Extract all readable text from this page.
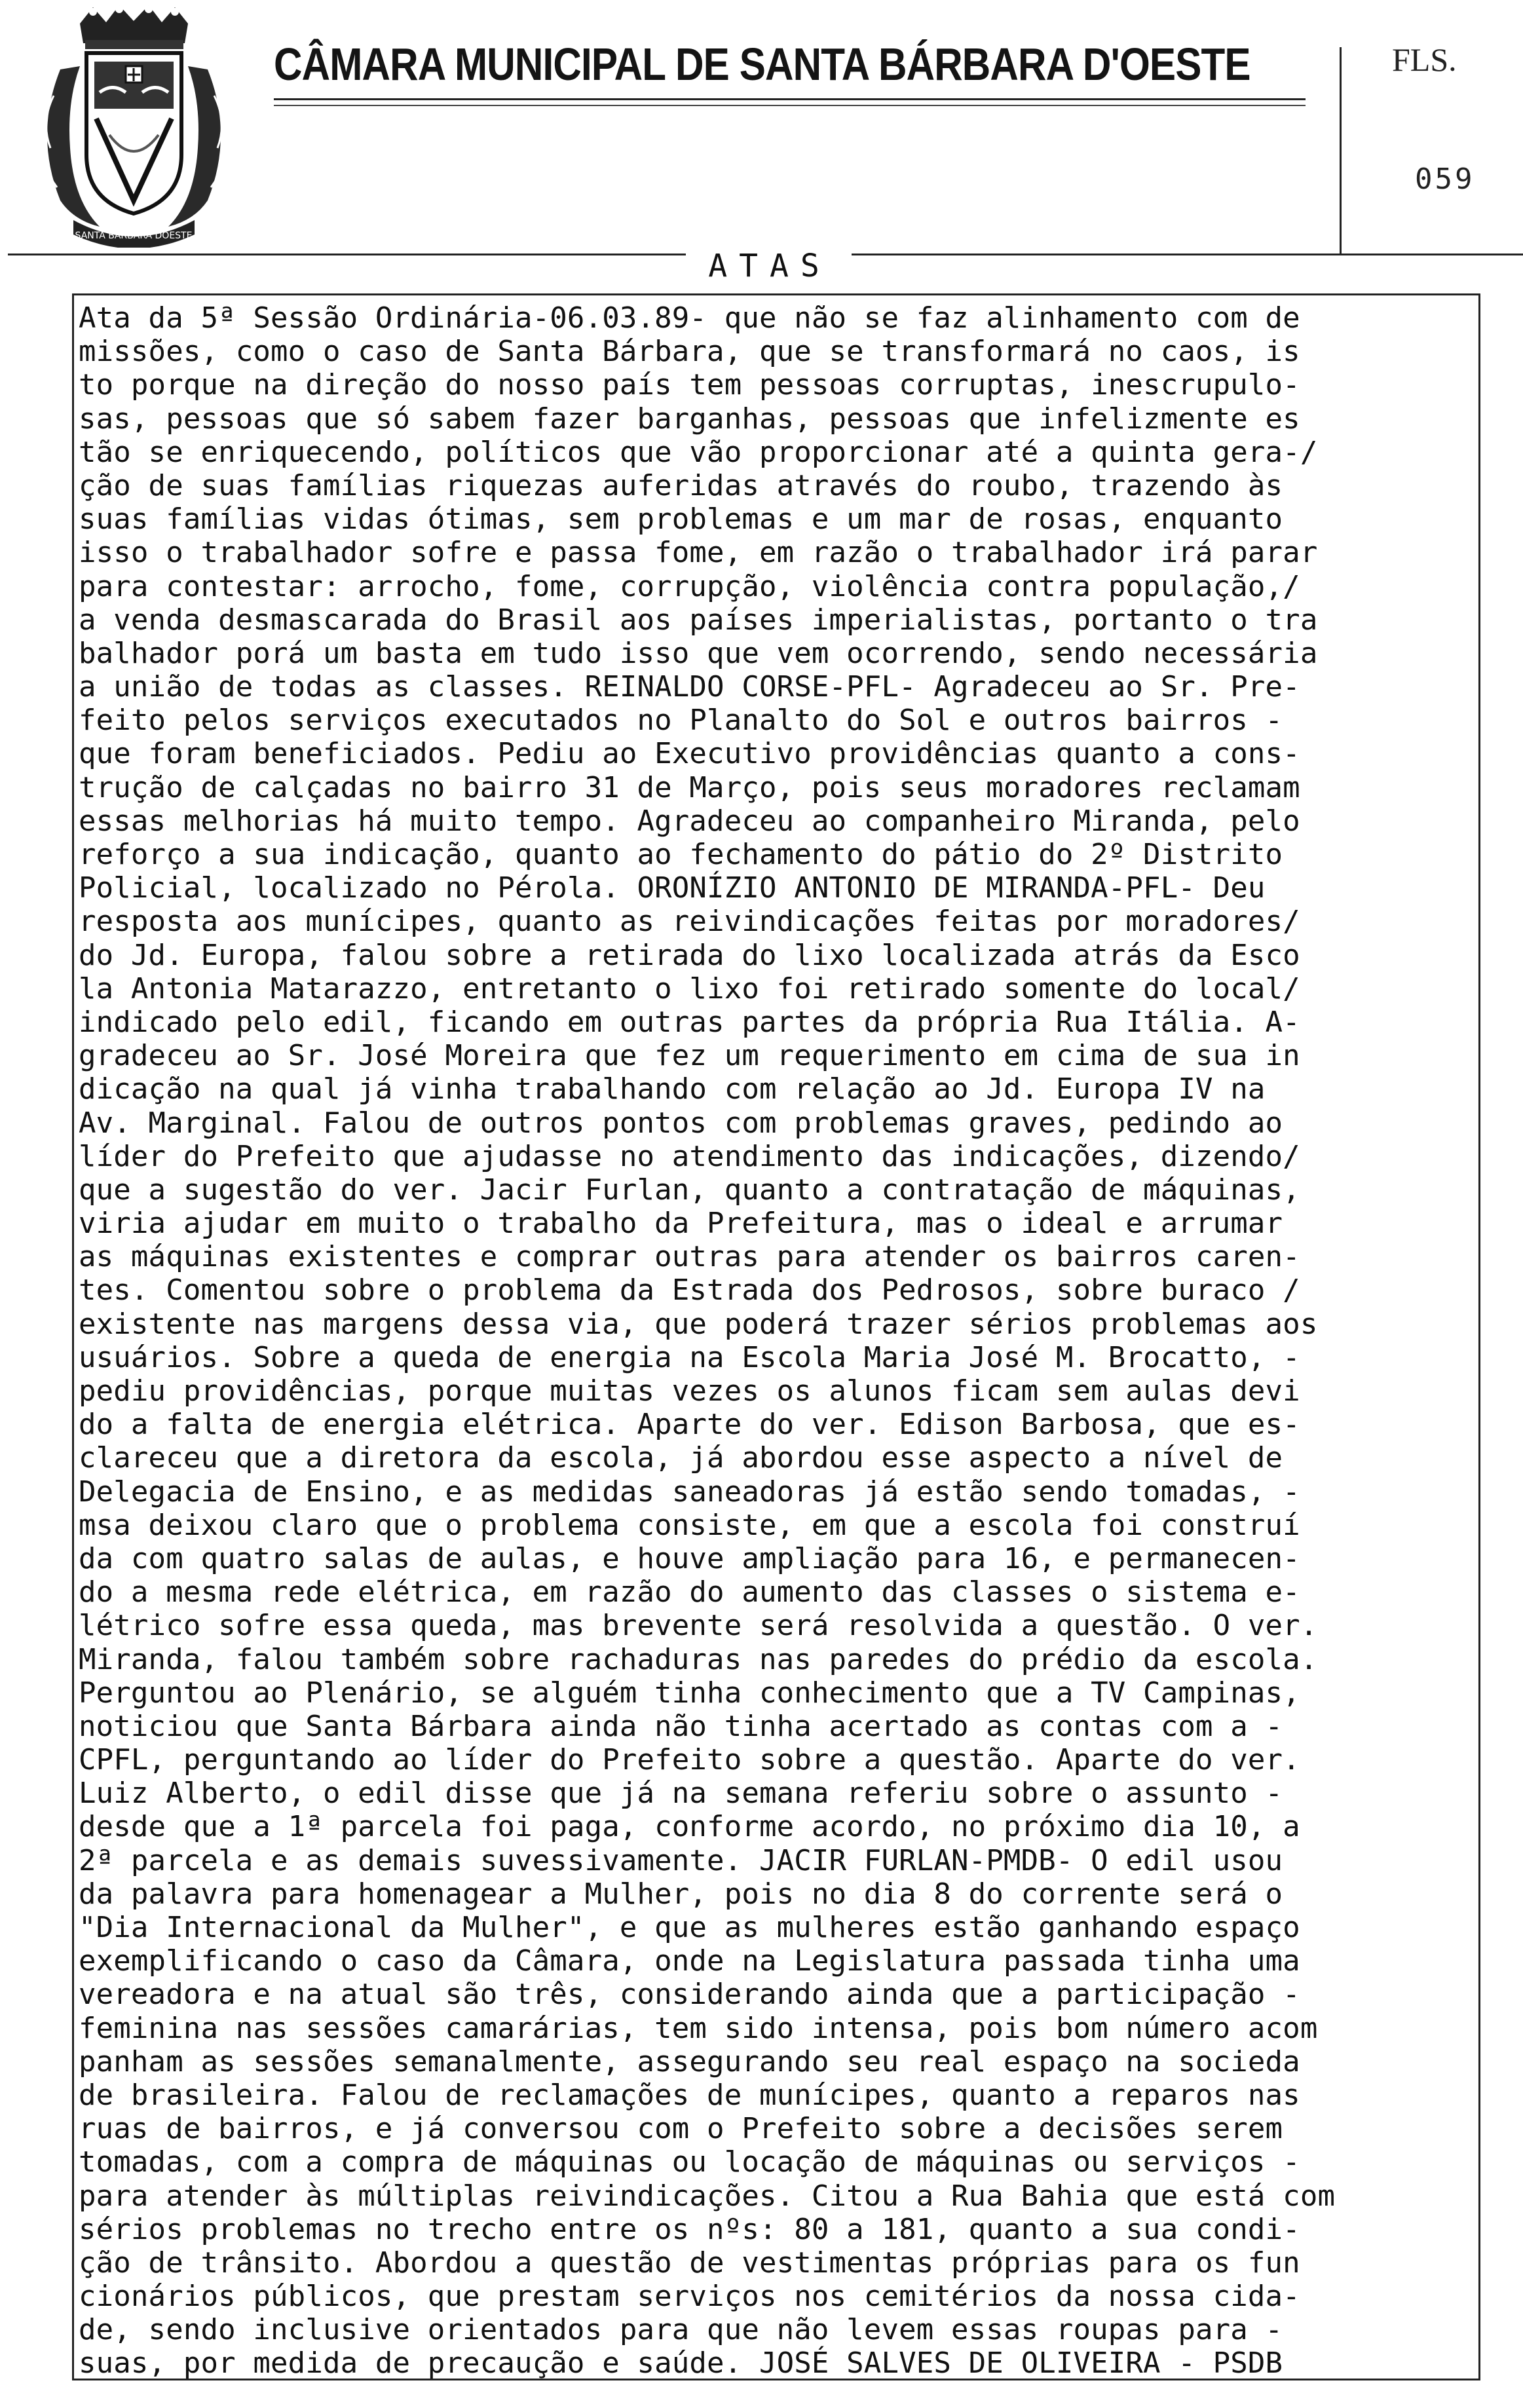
SANTA BARBARA DOESTE
CÂMARA MUNICIPAL DE SANTA BÁRBARA D'OESTE	FLS.
059
ATAS
Ata da 5ª Sessão Ordinária-06.03.89- que não se faz alinhamento com de
missões, como o caso de Santa Bárbara, que se transformará no caos, is
to porque na direção do nosso país tem pessoas corruptas, inescrupulo-
sas, pessoas que só sabem fazer barganhas, pessoas que infelizmente es
tão se enriquecendo, políticos que vão proporcionar até a quinta gera-/
ção de suas famílias riquezas auferidas através do roubo, trazendo às
suas famílias vidas ótimas, sem problemas e um mar de rosas, enquanto
isso o trabalhador sofre e passa fome, em razão o trabalhador irá parar
para contestar: arrocho, fome, corrupção, violência contra população,/
a venda desmascarada do Brasil aos países imperialistas, portanto o tra
balhador porá um basta em tudo isso que vem ocorrendo, sendo necessária
a união de todas as classes. REINALDO CORSE-PFL- Agradeceu ao Sr. Pre-
feito pelos serviços executados no Planalto do Sol e outros bairros -
que foram beneficiados. Pediu ao Executivo providências quanto a cons-
trução de calçadas no bairro 31 de Março, pois seus moradores reclamam
essas melhorias há muito tempo. Agradeceu ao companheiro Miranda, pelo
reforço a sua indicação, quanto ao fechamento do pátio do 2º Distrito
Policial, localizado no Pérola. ORONÍZIO ANTONIO DE MIRANDA-PFL- Deu
resposta aos munícipes, quanto as reivindicações feitas por moradores/
do Jd. Europa, falou sobre a retirada do lixo localizada atrás da Esco
la Antonia Matarazzo, entretanto o lixo foi retirado somente do local/
indicado pelo edil, ficando em outras partes da própria Rua Itália. A-
gradeceu ao Sr. José Moreira que fez um requerimento em cima de sua in
dicação na qual já vinha trabalhando com relação ao Jd. Europa IV na
Av. Marginal. Falou de outros pontos com problemas graves, pedindo ao
líder do Prefeito que ajudasse no atendimento das indicações, dizendo/
que a sugestão do ver. Jacir Furlan, quanto a contratação de máquinas,
viria ajudar em muito o trabalho da Prefeitura, mas o ideal e arrumar
as máquinas existentes e comprar outras para atender os bairros caren-
tes. Comentou sobre o problema da Estrada dos Pedrosos, sobre buraco /
existente nas margens dessa via, que poderá trazer sérios problemas aos
usuários. Sobre a queda de energia na Escola Maria José M. Brocatto, -
pediu providências, porque muitas vezes os alunos ficam sem aulas devi
do a falta de energia elétrica. Aparte do ver. Edison Barbosa, que es-
clareceu que a diretora da escola, já abordou esse aspecto a nível de
Delegacia de Ensino, e as medidas saneadoras já estão sendo tomadas, -
msa deixou claro que o problema consiste, em que a escola foi construí
da com quatro salas de aulas, e houve ampliação para 16, e permanecen-
do a mesma rede elétrica, em razão do aumento das classes o sistema e-
létrico sofre essa queda, mas brevente será resolvida a questão. O ver.
Miranda, falou também sobre rachaduras nas paredes do prédio da escola.
Perguntou ao Plenário, se alguém tinha conhecimento que a TV Campinas,
noticiou que Santa Bárbara ainda não tinha acertado as contas com a -
CPFL, perguntando ao líder do Prefeito sobre a questão. Aparte do ver.
Luiz Alberto, o edil disse que já na semana referiu sobre o assunto -
desde que a 1ª parcela foi paga, conforme acordo, no próximo dia 10, a
2ª parcela e as demais suvessivamente. JACIR FURLAN-PMDB- O edil usou
da palavra para homenagear a Mulher, pois no dia 8 do corrente será o
"Dia Internacional da Mulher", e que as mulheres estão ganhando espaço
exemplificando o caso da Câmara, onde na Legislatura passada tinha uma
vereadora e na atual são três, considerando ainda que a participação -
feminina nas sessões camarárias, tem sido intensa, pois bom número acom
panham as sessões semanalmente, assegurando seu real espaço na socieda
de brasileira. Falou de reclamações de munícipes, quanto a reparos nas
ruas de bairros, e já conversou com o Prefeito sobre a decisões serem
tomadas, com a compra de máquinas ou locação de máquinas ou serviços -
para atender às múltiplas reivindicações. Citou a Rua Bahia que está com
sérios problemas no trecho entre os nºs: 80 a 181, quanto a sua condi-
ção de trânsito. Abordou a questão de vestimentas próprias para os fun
cionários públicos, que prestam serviços nos cemitérios da nossa cida-
de, sendo inclusive orientados para que não levem essas roupas para -
suas, por medida de precaução e saúde. JOSÉ SALVES DE OLIVEIRA - PSDB
